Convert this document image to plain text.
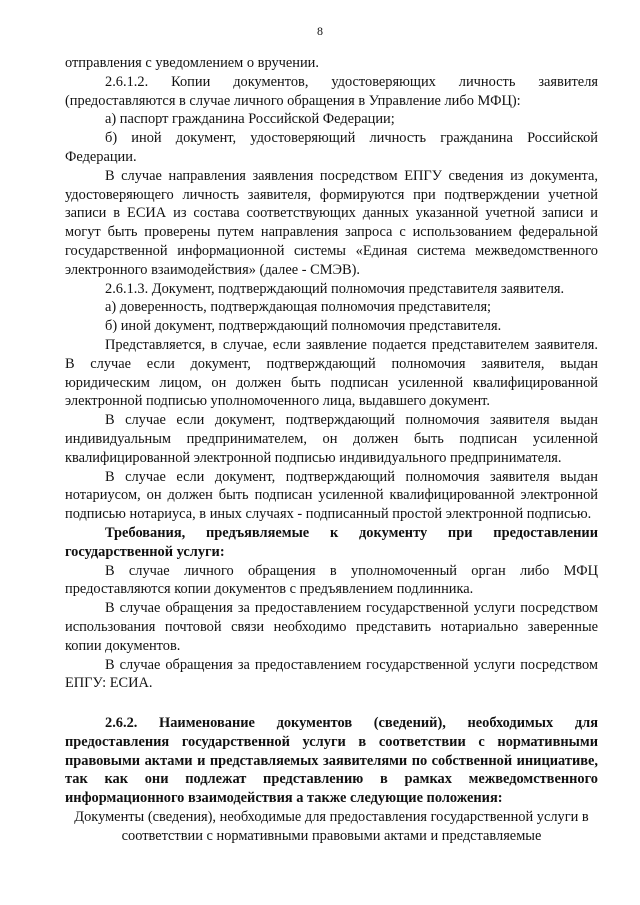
8

отправления с уведомлением о вручении.

2.6.1.2. Копии документов, удостоверяющих личность заявителя (предоставляются в случае личного обращения в Управление либо МФЦ):

а) паспорт гражданина Российской Федерации;

б) иной документ, удостоверяющий личность гражданина Российской Федерации.

В случае направления заявления посредством ЕПГУ сведения из документа, удостоверяющего личность заявителя, формируются при подтверждении учетной записи в ЕСИА из состава соответствующих данных указанной учетной записи и могут быть проверены путем направления запроса с использованием федеральной государственной информационной системы «Единая система межведомственного электронного взаимодействия» (далее - СМЭВ).

2.6.1.3. Документ, подтверждающий полномочия представителя заявителя.

а) доверенность, подтверждающая полномочия представителя;

б) иной документ, подтверждающий полномочия представителя.

Представляется, в случае, если заявление подается представителем заявителя. В случае если документ, подтверждающий полномочия заявителя, выдан юридическим лицом, он должен быть подписан усиленной квалифицированной электронной подписью уполномоченного лица, выдавшего документ.

В случае если документ, подтверждающий полномочия заявителя выдан индивидуальным предпринимателем, он должен быть подписан усиленной квалифицированной электронной подписью индивидуального предпринимателя.

В случае если документ, подтверждающий полномочия заявителя выдан нотариусом, он должен быть подписан усиленной квалифицированной электронной подписью нотариуса, в иных случаях - подписанный простой электронной подписью.

Требования, предъявляемые к документу при предоставлении государственной услуги:

В случае личного обращения в уполномоченный орган либо МФЦ предоставляются копии документов с предъявлением подлинника.

В случае обращения за предоставлением государственной услуги посредством использования почтовой связи необходимо представить нотариально заверенные копии документов.

В случае обращения за предоставлением государственной услуги посредством ЕПГУ: ЕСИА.

2.6.2. Наименование документов (сведений), необходимых для предоставления государственной услуги в соответствии с нормативными правовыми актами и представляемых заявителями по собственной инициативе, так как они подлежат представлению в рамках межведомственного информационного взаимодействия а также следующие положения:

Документы (сведения), необходимые для предоставления государственной услуги в соответствии с нормативными правовыми актами и представляемые
